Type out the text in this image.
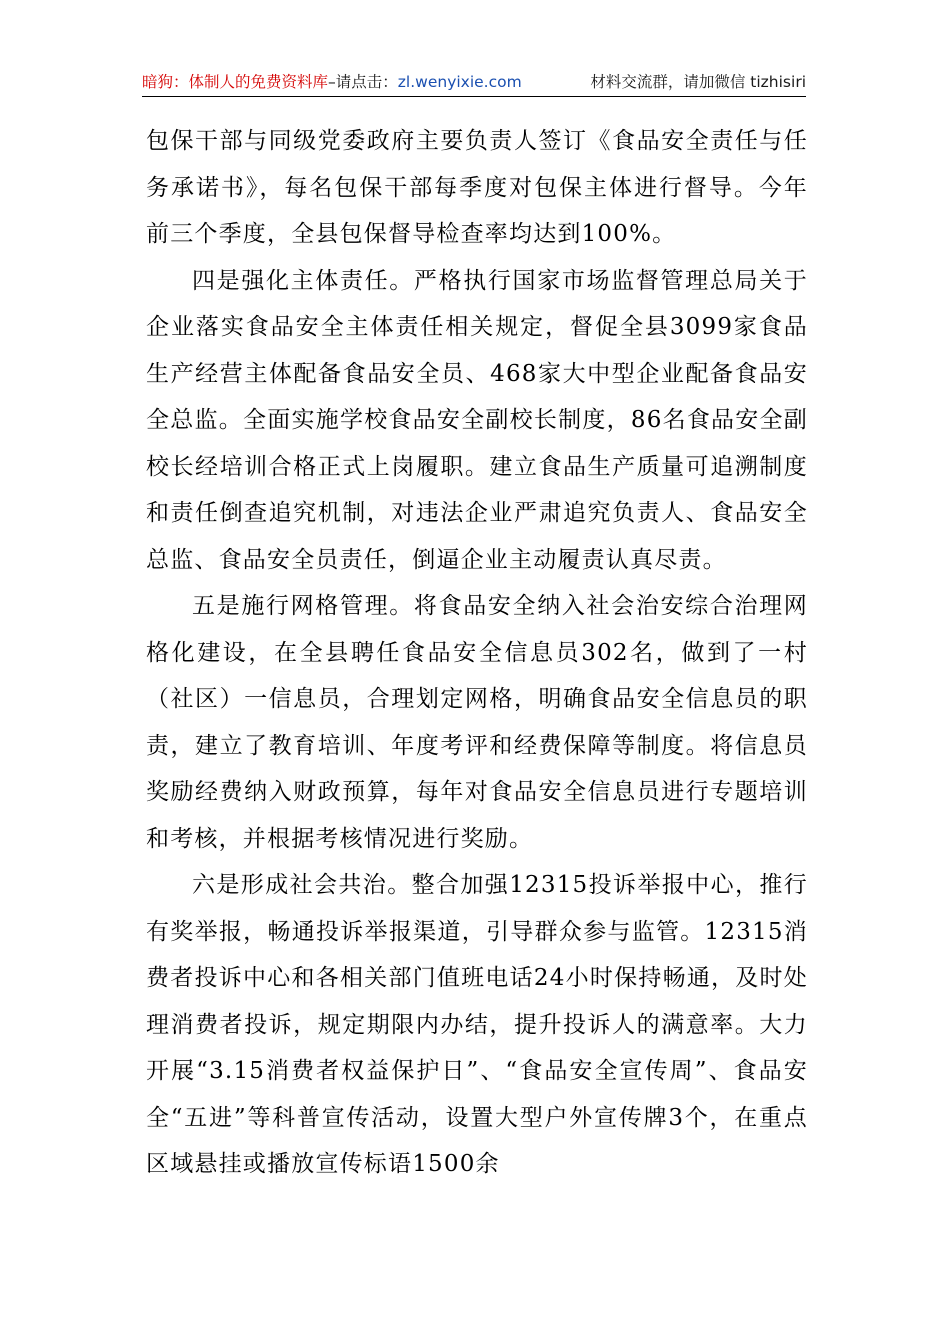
暗狗：体制人的免费资料库–请点击：zl.wenyixie.com	材料交流群，请加微信 tizhisiri

包保干部与同级党委政府主要负责人签订《食品安全责任与任务承诺书》，每名包保干部每季度对包保主体进行督导。今年前三个季度，全县包保督导检查率均达到100%。

四是强化主体责任。严格执行国家市场监督管理总局关于企业落实食品安全主体责任相关规定，督促全县3099家食品生产经营主体配备食品安全员、468家大中型企业配备食品安全总监。全面实施学校食品安全副校长制度，86名食品安全副校长经培训合格正式上岗履职。建立食品生产质量可追溯制度和责任倒查追究机制，对违法企业严肃追究负责人、食品安全总监、食品安全员责任，倒逼企业主动履责认真尽责。

五是施行网格管理。将食品安全纳入社会治安综合治理网格化建设，在全县聘任食品安全信息员302名，做到了一村（社区）一信息员，合理划定网格，明确食品安全信息员的职责，建立了教育培训、年度考评和经费保障等制度。将信息员奖励经费纳入财政预算，每年对食品安全信息员进行专题培训和考核，并根据考核情况进行奖励。

六是形成社会共治。整合加强12315投诉举报中心，推行有奖举报，畅通投诉举报渠道，引导群众参与监管。12315消费者投诉中心和各相关部门值班电话24小时保持畅通，及时处理消费者投诉，规定期限内办结，提升投诉人的满意率。大力开展“3.15消费者权益保护日”、“食品安全宣传周”、食品安全“五进”等科普宣传活动，设置大型户外宣传牌3个，在重点区域悬挂或播放宣传标语1500余
